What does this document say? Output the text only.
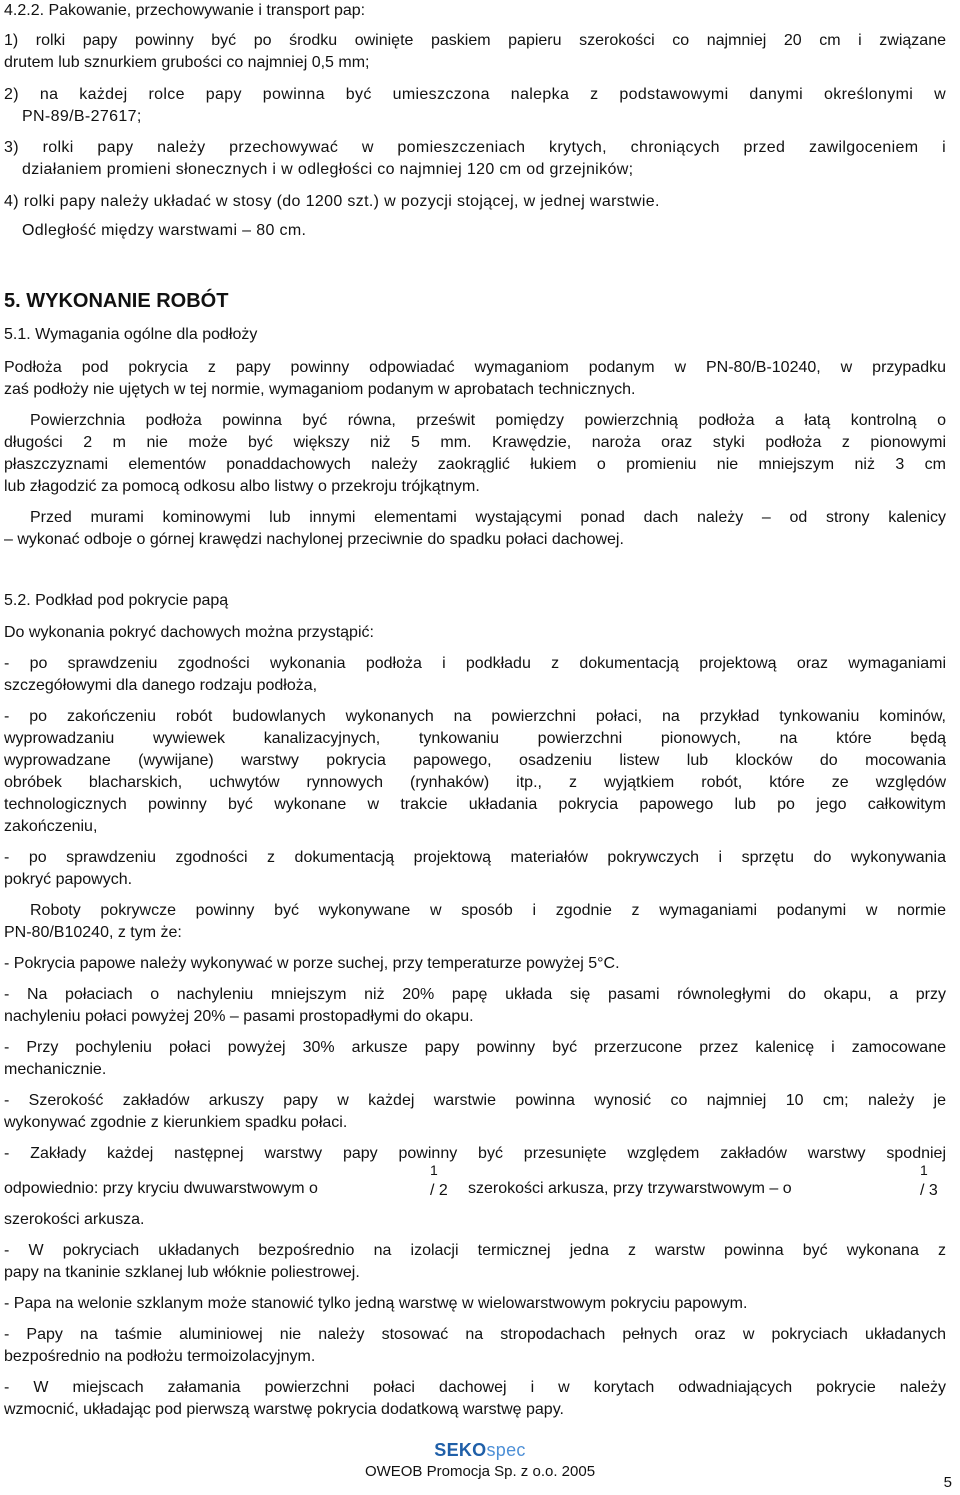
4.2.2. Pakowanie, przechowywanie i transport pap:
1) rolki papy powinny być po środku owinięte paskiem papieru szerokości co najmniej 20 cm i związane
drutem lub sznurkiem grubości co najmniej 0,5 mm;
2) na każdej rolce papy powinna być umieszczona nalepka z podstawowymi danymi określonymi w
PN-89/B-27617;
3) rolki papy należy przechowywać w pomieszczeniach krytych, chroniących przed zawilgoceniem i
działaniem promieni słonecznych i w odległości co najmniej 120 cm od grzejników;
4) rolki papy należy układać w stosy (do 1200 szt.) w pozycji stojącej, w jednej warstwie.
Odległość między warstwami – 80 cm.
5. WYKONANIE ROBÓT
5.1. Wymagania ogólne dla podłoży
Podłoża pod pokrycia z papy powinny odpowiadać wymaganiom podanym w PN-80/B-10240, w przypadku
zaś podłoży nie ujętych w tej normie, wymaganiom podanym w aprobatach technicznych.
Powierzchnia podłoża powinna być równa, prześwit pomiędzy powierzchnią podłoża a łatą kontrolną o
długości 2 m nie może być większy niż 5 mm. Krawędzie, naroża oraz styki podłoża z pionowymi
płaszczyznami elementów ponaddachowych należy zaokrąglić łukiem o promieniu nie mniejszym niż 3 cm
lub złagodzić za pomocą odkosu albo listwy o przekroju trójkątnym.
Przed murami kominowymi lub innymi elementami wystającymi ponad dach należy – od strony kalenicy
– wykonać odboje o górnej krawędzi nachylonej przeciwnie do spadku połaci dachowej.
5.2. Podkład pod pokrycie papą
Do wykonania pokryć dachowych można przystąpić:
- po sprawdzeniu zgodności wykonania podłoża i podkładu z dokumentacją projektową oraz wymaganiami
szczegółowymi dla danego rodzaju podłoża,
- po zakończeniu robót budowlanych wykonanych na powierzchni połaci, na przykład tynkowaniu kominów,
wyprowadzaniu wywiewek kanalizacyjnych, tynkowaniu powierzchni pionowych, na które będą
wyprowadzane (wywijane) warstwy pokrycia papowego, osadzeniu listew lub klocków do mocowania
obróbek blacharskich, uchwytów rynnowych (rynhaków) itp., z wyjątkiem robót, które ze względów
technologicznych powinny być wykonane w trakcie układania pokrycia papowego lub po jego całkowitym
zakończeniu,
- po sprawdzeniu zgodności z dokumentacją projektową materiałów pokrywczych i sprzętu do wykonywania
pokryć papowych.
Roboty pokrywcze powinny być wykonywane w sposób i zgodnie z wymaganiami podanymi w normie
PN-80/B10240, z tym że:
- Pokrycia papowe należy wykonywać w porze suchej, przy temperaturze powyżej 5°C.
- Na połaciach o nachyleniu mniejszym niż 20% papę układa się pasami równoległymi do okapu, a przy
nachyleniu połaci powyżej 20% – pasami prostopadłymi do okapu.
- Przy pochyleniu połaci powyżej 30% arkusze papy powinny być przerzucone przez kalenicę i zamocowane
mechanicznie.
- Szerokość zakładów arkuszy papy w każdej warstwie powinna wynosić co najmniej 10 cm; należy je
wykonywać zgodnie z kierunkiem spadku połaci.
- Zakłady każdej następnej warstwy papy powinny być przesunięte względem zakładów warstwy spodniej
odpowiednio: przy kryciu dwuwarstwowym o
1
/ 2 szerokości arkusza, przy trzywarstwowym – o
1
/ 3
szerokości arkusza.
- W pokryciach układanych bezpośrednio na izolacji termicznej jedna z warstw powinna być wykonana z
papy na tkaninie szklanej lub włóknie poliestrowej.
- Papa na welonie szklanym może stanowić tylko jedną warstwę w wielowarstwowym pokryciu papowym.
- Papy na taśmie aluminiowej nie należy stosować na stropodachach pełnych oraz w pokryciach układanych
bezpośrednio na podłożu termoizolacyjnym.
- W miejscach załamania powierzchni połaci dachowej i w korytach odwadniających pokrycie należy
wzmocnić, układając pod pierwszą warstwę pokrycia dodatkową warstwę papy.
SEKOspec
OWEOB Promocja Sp. z o.o. 2005
5
